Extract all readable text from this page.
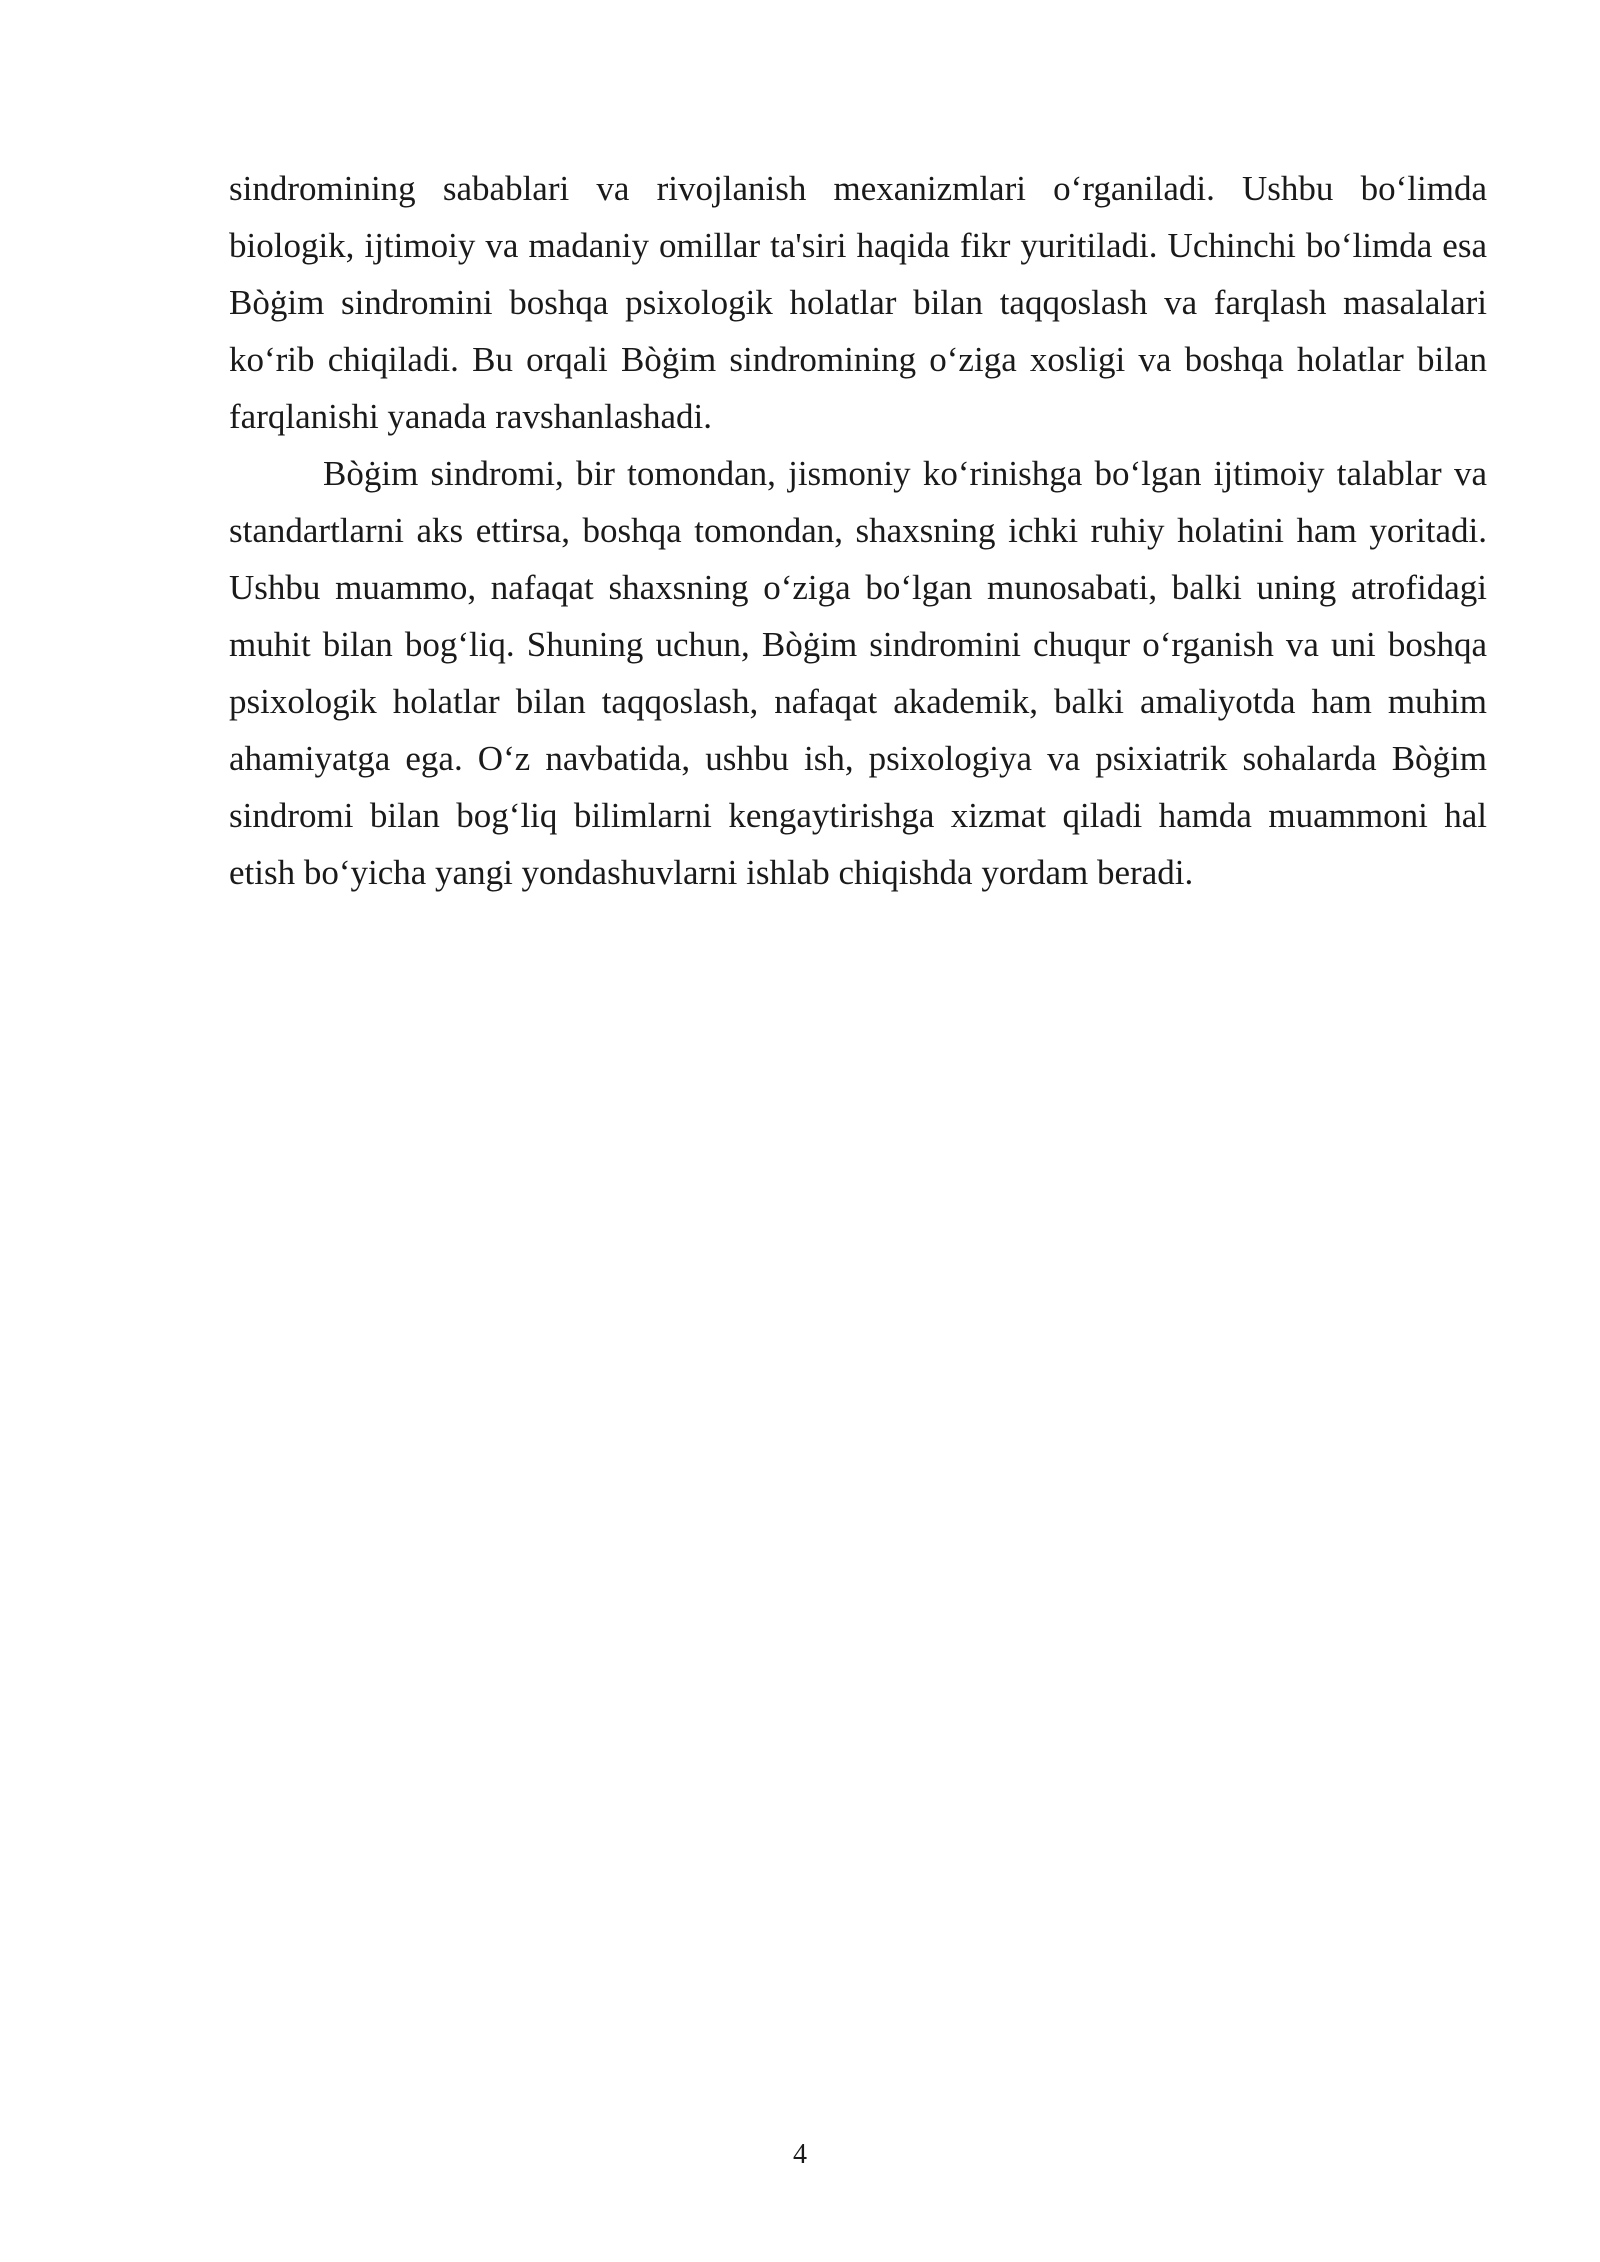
sindromining sabablari va rivojlanish mexanizmlari o‘rganiladi. Ushbu bo‘limda biologik, ijtimoiy va madaniy omillar ta'siri haqida fikr yuritiladi. Uchinchi bo‘limda esa Bòġim sindromini boshqa psixologik holatlar bilan taqqoslash va farqlash masalalari ko‘rib chiqiladi. Bu orqali Bòġim sindromining o‘ziga xosligi va boshqa holatlar bilan farqlanishi yanada ravshanlashadi.

Bòġim sindromi, bir tomondan, jismoniy ko‘rinishga bo‘lgan ijtimoiy talablar va standartlarni aks ettirsa, boshqa tomondan, shaxsning ichki ruhiy holatini ham yoritadi. Ushbu muammo, nafaqat shaxsning o‘ziga bo‘lgan munosabati, balki uning atrofidagi muhit bilan bog‘liq. Shuning uchun, Bòġim sindromini chuqur o‘rganish va uni boshqa psixologik holatlar bilan taqqoslash, nafaqat akademik, balki amaliyotda ham muhim ahamiyatga ega. O‘z navbatida, ushbu ish, psixologiya va psixiatrik sohalarda Bòġim sindromi bilan bog‘liq bilimlarni kengaytirishga xizmat qiladi hamda muammoni hal etish bo‘yicha yangi yondashuvlarni ishlab chiqishda yordam beradi.

4
